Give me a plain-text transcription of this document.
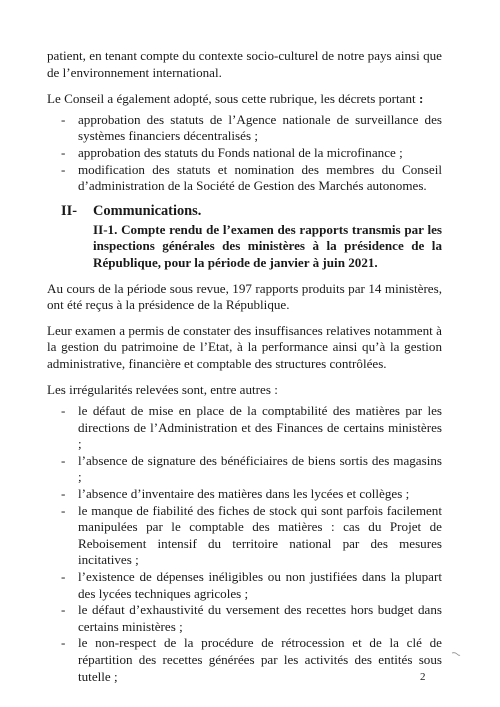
patient, en tenant compte du contexte socio-culturel de notre pays ainsi que de l’environnement international.

Le Conseil a également adopté, sous cette rubrique, les décrets portant :

- approbation des statuts de l’Agence nationale de surveillance des systèmes financiers décentralisés ;
- approbation des statuts du Fonds national de la microfinance ;
- modification des statuts et nomination des membres du Conseil d’administration de la Société de Gestion des Marchés autonomes.
II-	Communications.

II-1. Compte rendu de l’examen des rapports transmis par les inspections générales des ministères à la présidence de la République, pour la période de janvier à juin 2021.

Au cours de la période sous revue, 197 rapports produits par 14 ministères, ont été reçus à la présidence de la République.

Leur examen a permis de constater des insuffisances relatives notamment à la gestion du patrimoine de l’Etat, à la performance ainsi qu’à la gestion administrative, financière et comptable des structures contrôlées.

Les irrégularités relevées sont, entre autres :

- le défaut de mise en place de la comptabilité des matières par les directions de l’Administration et des Finances de certains ministères ;
- l’absence de signature des bénéficiaires de biens sortis des magasins ;
- l’absence d’inventaire des matières dans les lycées et collèges ;
- le manque de fiabilité des fiches de stock qui sont parfois facilement manipulées par le comptable des matières : cas du Projet de Reboisement intensif du territoire national par des mesures incitatives ;
- l’existence de dépenses inéligibles ou non justifiées dans la plupart des lycées techniques agricoles ;
- le défaut d’exhaustivité du versement des recettes hors budget dans certains ministères ;
- le non-respect de la procédure de rétrocession et de la clé de répartition des recettes générées par les activités des entités sous tutelle ;	2
